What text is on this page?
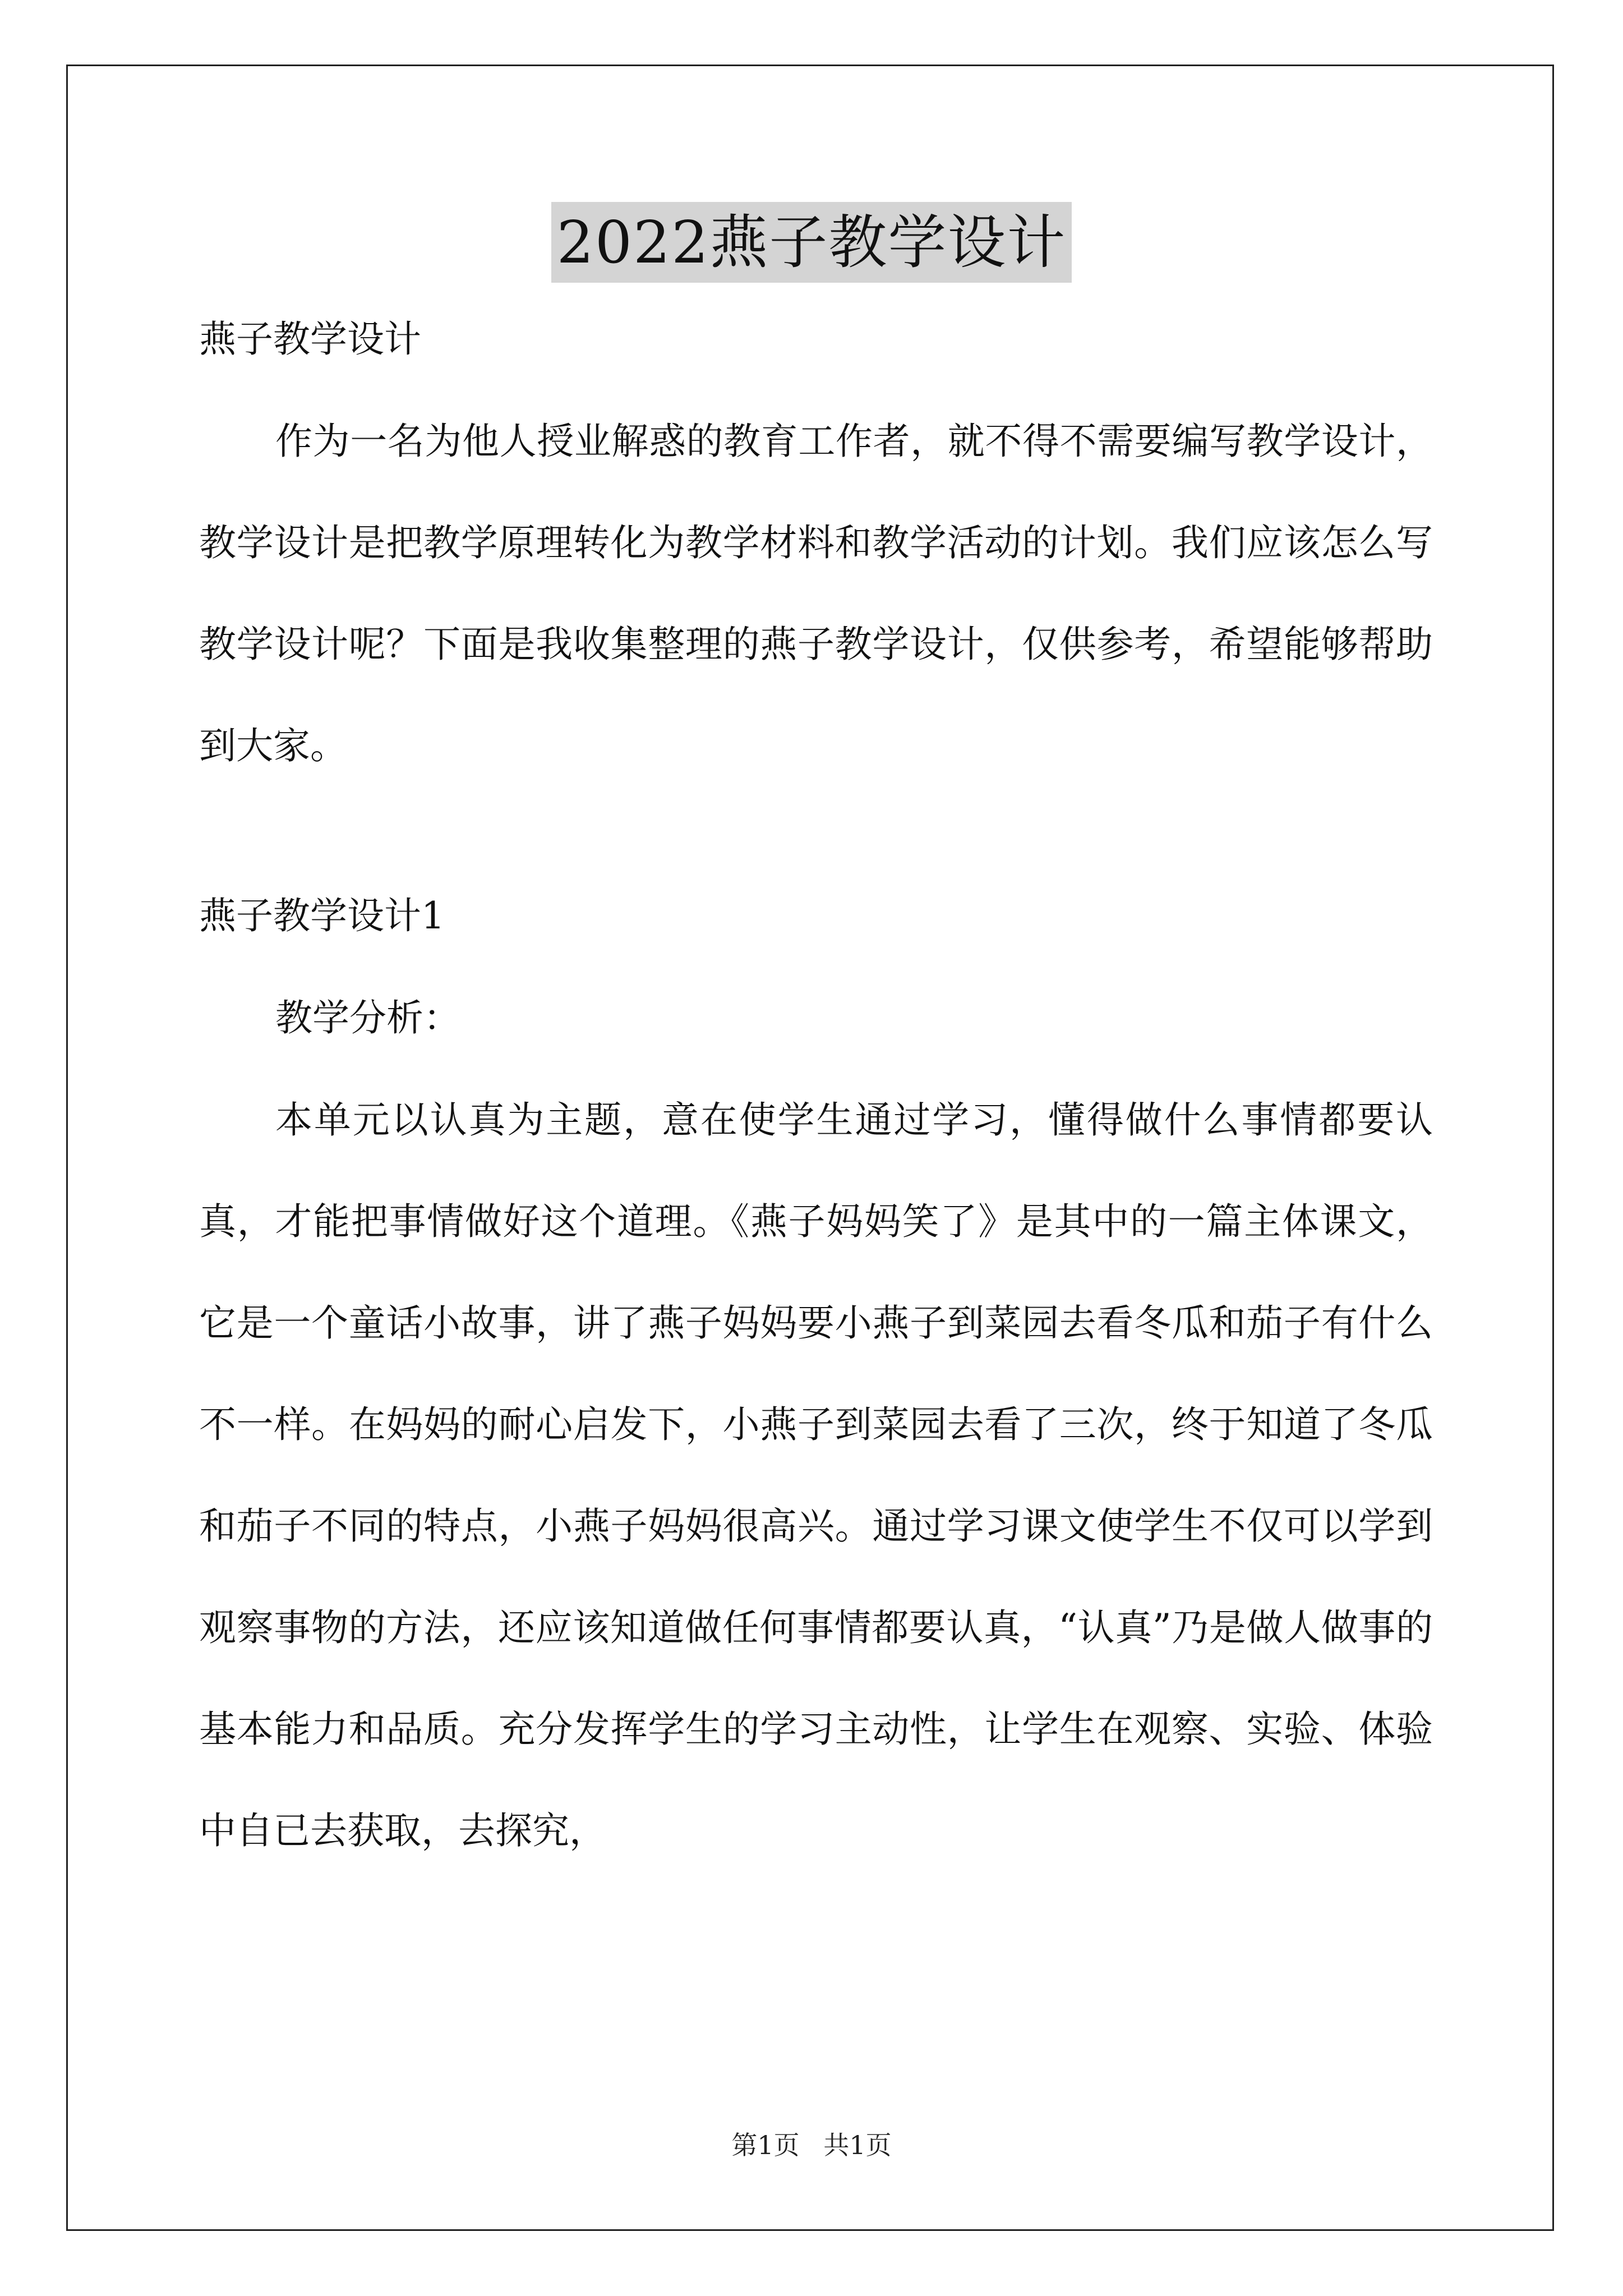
2022燕子教学设计

燕子教学设计

作为一名为他人授业解惑的教育工作者，就不得不需要编写教学设计，教学设计是把教学原理转化为教学材料和教学活动的计划。我们应该怎么写教学设计呢？下面是我收集整理的燕子教学设计，仅供参考，希望能够帮助到大家。

燕子教学设计1

教学分析：

本单元以认真为主题，意在使学生通过学习，懂得做什么事情都要认真，才能把事情做好这个道理。《燕子妈妈笑了》是其中的一篇主体课文，它是一个童话小故事，讲了燕子妈妈要小燕子到菜园去看冬瓜和茄子有什么不一样。在妈妈的耐心启发下，小燕子到菜园去看了三次，终于知道了冬瓜和茄子不同的特点，小燕子妈妈很高兴。通过学习课文使学生不仅可以学到观察事物的方法，还应该知道做任何事情都要认真，“认真”乃是做人做事的基本能力和品质。充分发挥学生的学习主动性，让学生在观察、实验、体验中自已去获取，去探究，

第1页 共1页
